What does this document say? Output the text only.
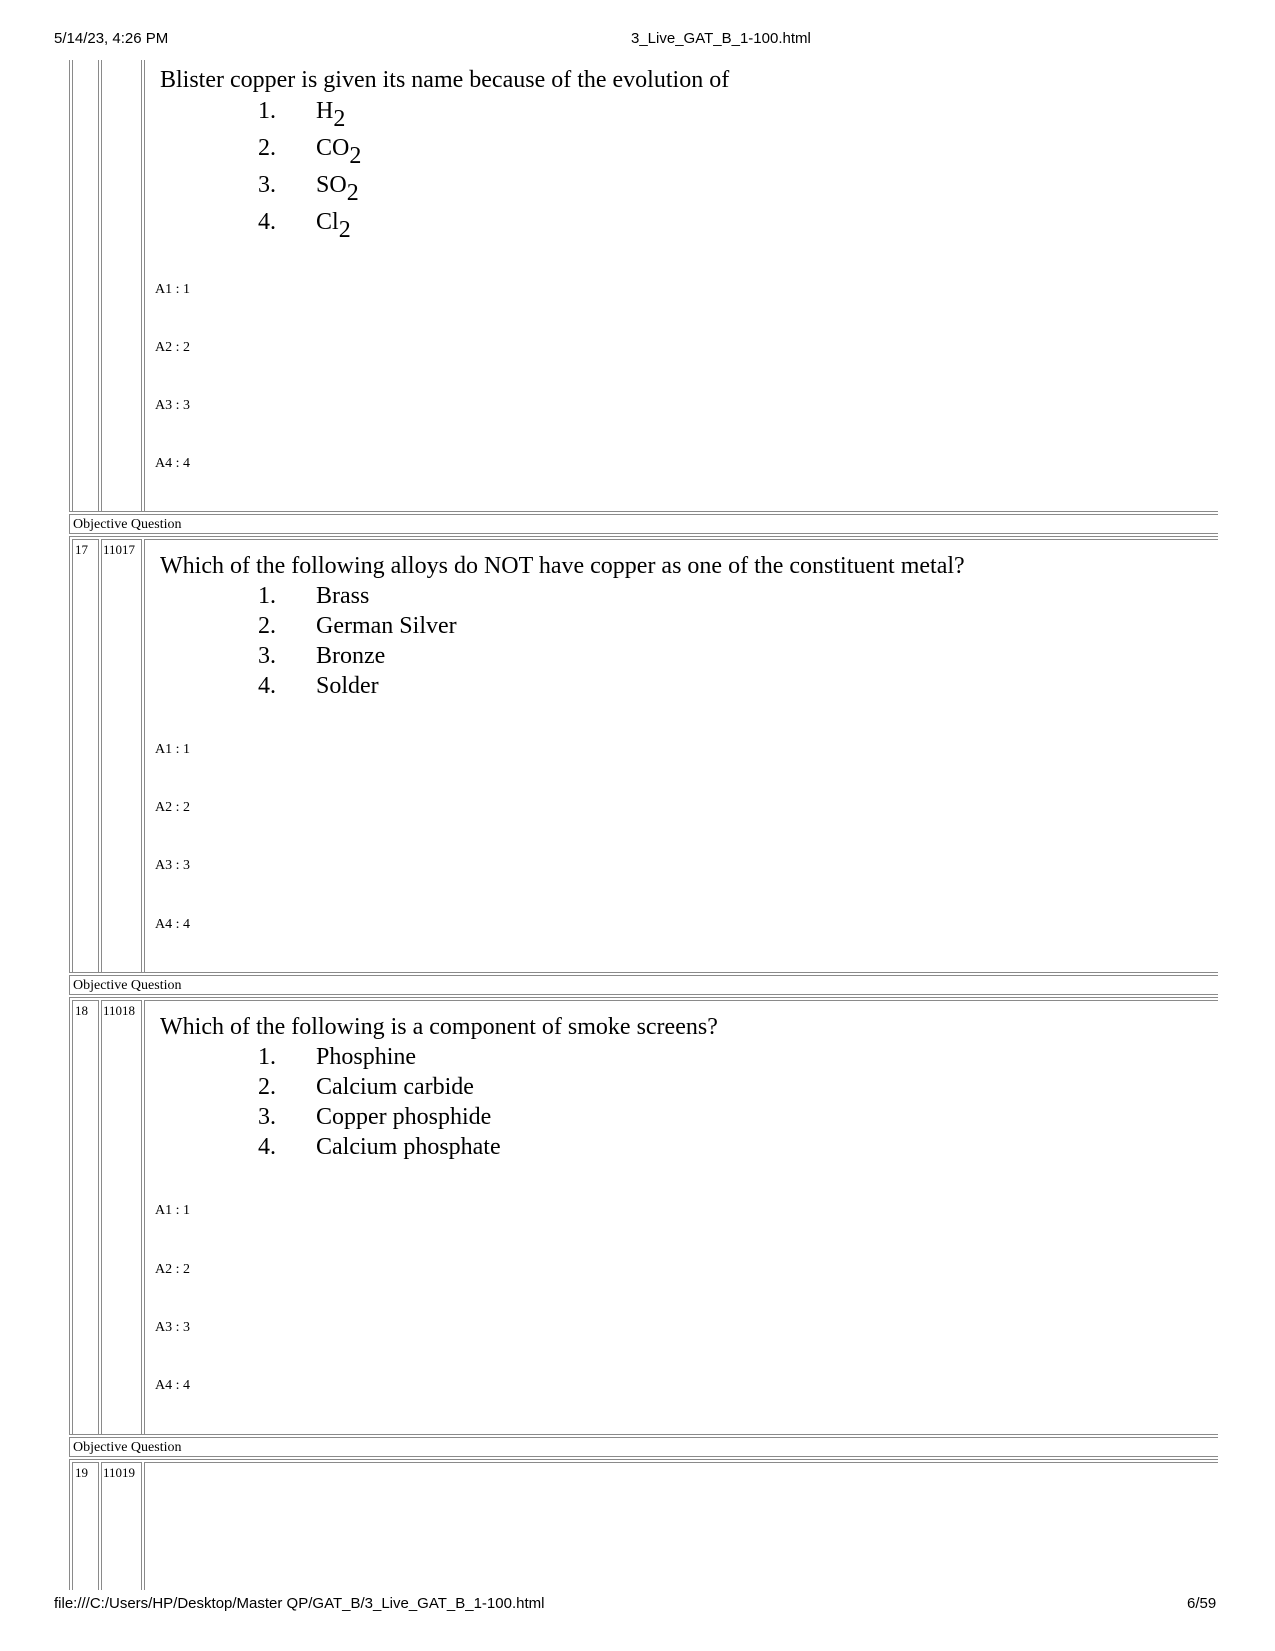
5/14/23, 4:26 PM	3_Live_GAT_B_1-100.html
file:///C:/Users/HP/Desktop/Master QP/GAT_B/3_Live_GAT_B_1-100.html	6/59
Blister copper is given its name because of the evolution of
1. $H_2$
2. $CO_2$
3. $SO_2$
4. $Cl_2$
A1 : 1
A2 : 2
A3 : 3
A4 : 4
Objective Question
17 11017
Which of the following alloys do NOT have copper as one of the constituent metal?
1. Brass
2. German Silver
3. Bronze
4. Solder
A1 : 1
A2 : 2
A3 : 3
A4 : 4
Objective Question
18 11018
Which of the following is a component of smoke screens?
1. Phosphine
2. Calcium carbide
3. Copper phosphide
4. Calcium phosphate
A1 : 1
A2 : 2
A3 : 3
A4 : 4
Objective Question
19 11019
